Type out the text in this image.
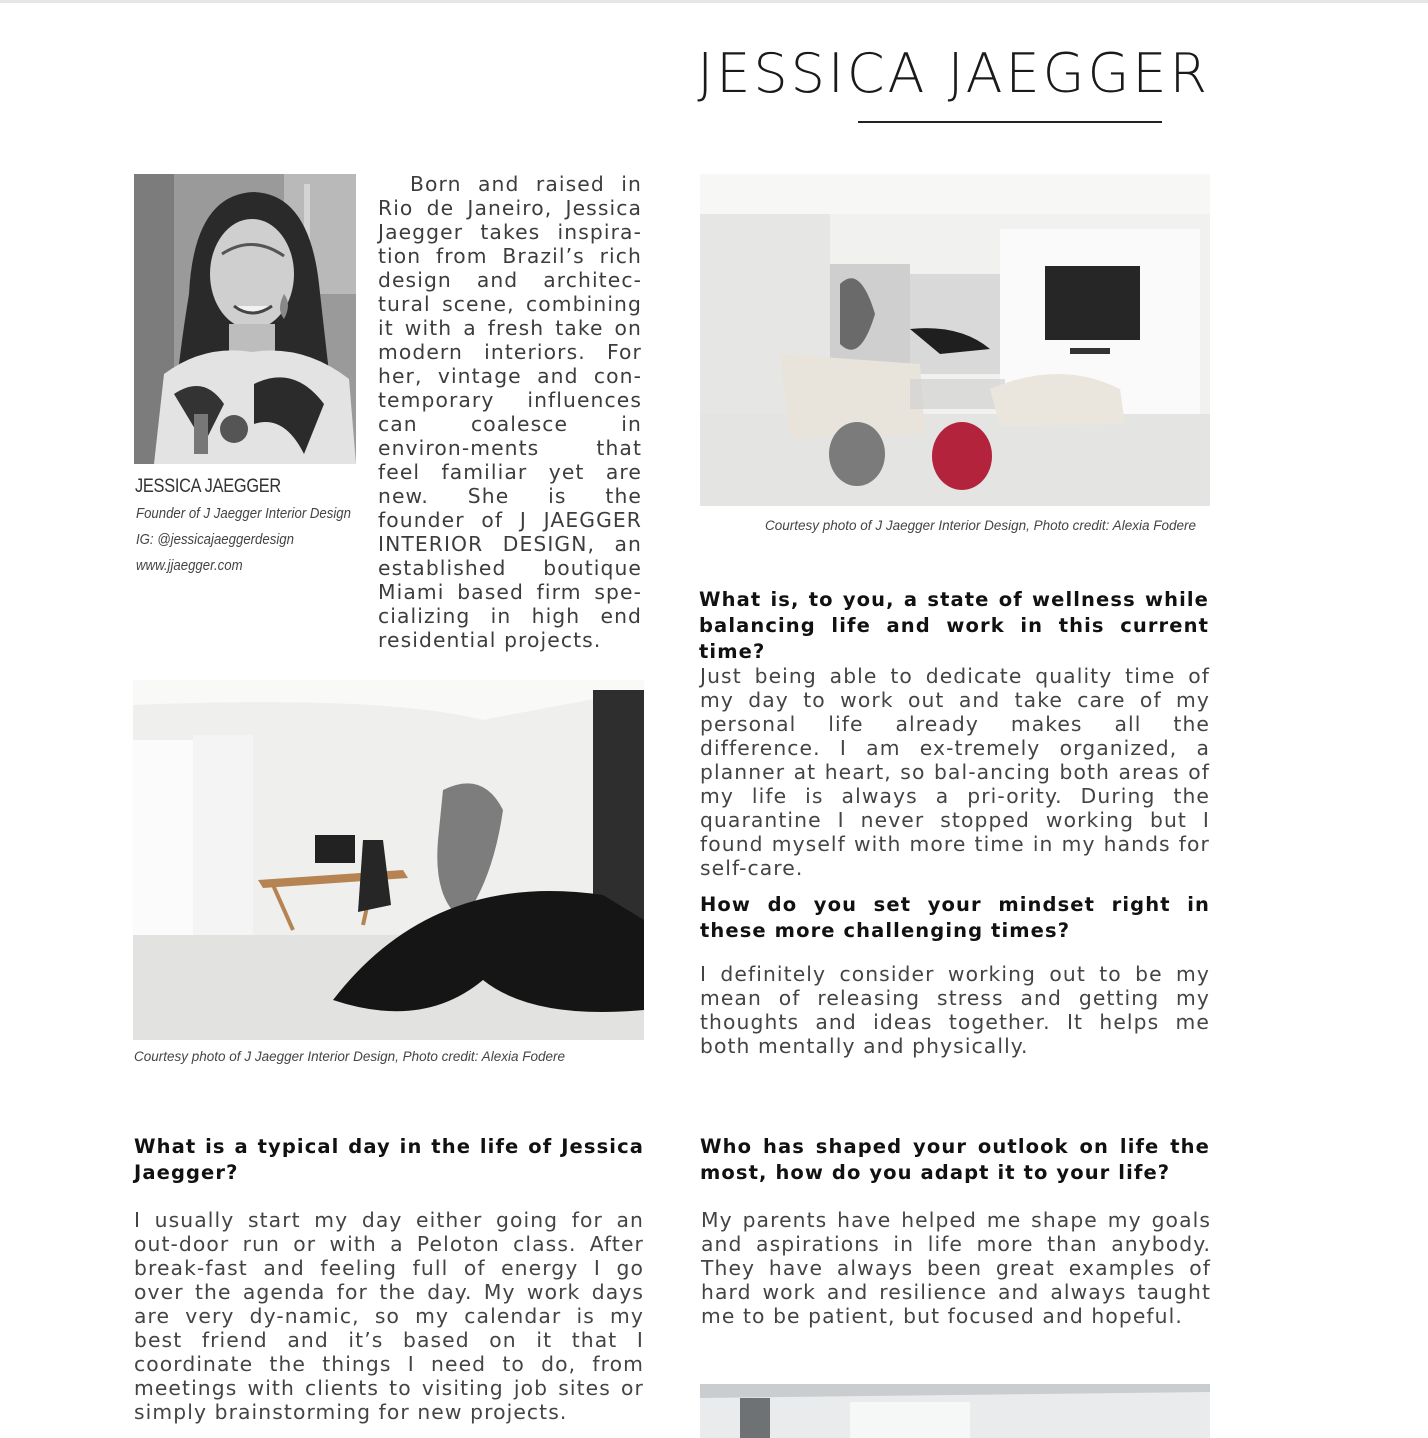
JESSICA JAEGGER
JESSICA JAEGGER
Founder of J Jaegger Interior Design
IG: @jessicajaeggerdesign
www.jjaegger.com

Born and raised in Rio de Janeiro, Jessica Jaegger takes inspira-tion from Brazil’s rich design and architec-tural scene, combining it with a fresh take on modern interiors. For her, vintage and con-temporary influences can coalesce in environ-ments that feel familiar yet are new. She is the founder of J JAEGGER INTERIOR DESIGN, an established boutique Miami based firm spe-cializing in high end residential projects.

Courtesy photo of J Jaegger Interior Design, Photo credit: Alexia Fodere
What is, to you, a state of wellness while balancing life and work in this current time?
Just being able to dedicate quality time of my day to work out and take care of my personal life already makes all the difference. I am ex-tremely organized, a planner at heart, so bal-ancing both areas of my life is always a pri-ority. During the quarantine I never stopped working but I found myself with more time in my hands for self-care.
Courtesy photo of J Jaegger Interior Design, Photo credit: Alexia Fodere
How do you set your mindset right in these more challenging times?
I definitely consider working out to be my mean of releasing stress and getting my thoughts and ideas together. It helps me both mentally and physically.
What is a typical day in the life of Jessica Jaegger?
I usually start my day either going for an out-door run or with a Peloton class. After break-fast and feeling full of energy I go over the agenda for the day. My work days are very dy-namic, so my calendar is my best friend and it’s based on it that I coordinate the things I need to do, from meetings with clients to visiting job sites or simply brainstorming for new projects.
Who has shaped your outlook on life the most, how do you adapt it to your life?
My parents have helped me shape my goals and aspirations in life more than anybody. They have always been great examples of hard work and resilience and always taught me to be patient, but focused and hopeful.
